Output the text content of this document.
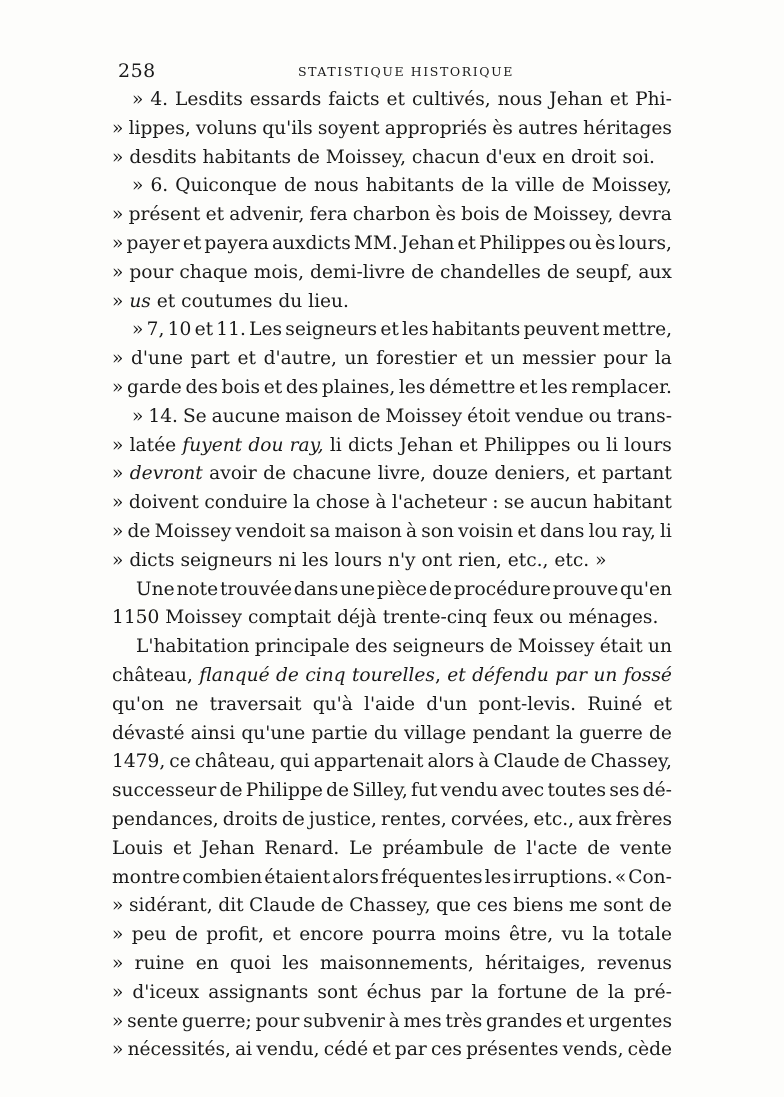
258	STATISTIQUE HISTORIQUE
» 4. Lesdits essards faicts et cultivés, nous Jehan et Phi-
» lippes, voluns qu'ils soyent appropriés ès autres héritages
»
desdits
habitants
de
Moissey,
chacun
d'eux
en
droit
soi.
» 6. Quiconque de nous habitants de la ville de Moissey,
» présent et advenir, fera charbon ès bois de Moissey, devra
» payer et payera auxdicts MM. Jehan et Philippes ou ès lours,
» pour chaque mois, demi-livre de chandelles de seupf, aux
»
us
et
coutumes
du
lieu.
» 7, 10 et 11. Les seigneurs et les habitants peuvent mettre,
» d'une part et d'autre, un forestier et un messier pour la
» garde des bois et des plaines, les démettre et les remplacer.
» 14. Se aucune maison de Moissey étoit vendue ou trans-
» latée fuyent dou ray, li dicts Jehan et Philippes ou li lours
» devront avoir de chacune livre, douze deniers, et partant
» doivent conduire la chose à l'acheteur : se aucun habitant
» de Moissey vendoit sa maison à son voisin et dans lou ray, li
»
dicts
seigneurs
ni
les
lours
n'y
ont
rien,
etc.,
etc.
»
Une note trouvée dans une pièce de procédure prouve qu'en
1150
Moissey
comptait
déjà
trente-cinq
feux
ou
ménages.
L'habitation principale des seigneurs de Moissey était un
château, flanqué de cinq tourelles, et défendu par un fossé
qu'on ne traversait qu'à l'aide d'un pont-levis. Ruiné et
dévasté ainsi qu'une partie du village pendant la guerre de
1479, ce château, qui appartenait alors à Claude de Chassey,
successeur de Philippe de Silley, fut vendu avec toutes ses dé-
pendances, droits de justice, rentes, corvées, etc., aux frères
Louis et Jehan Renard. Le préambule de l'acte de vente
montre combien étaient alors fréquentes les irruptions. « Con-
» sidérant, dit Claude de Chassey, que ces biens me sont de
» peu de profit, et encore pourra moins être, vu la totale
» ruine en quoi les maisonnements, héritaiges, revenus
» d'iceux assignants sont échus par la fortune de la pré-
» sente guerre; pour subvenir à mes très grandes et urgentes
» nécessités, ai vendu, cédé et par ces présentes vends, cède
